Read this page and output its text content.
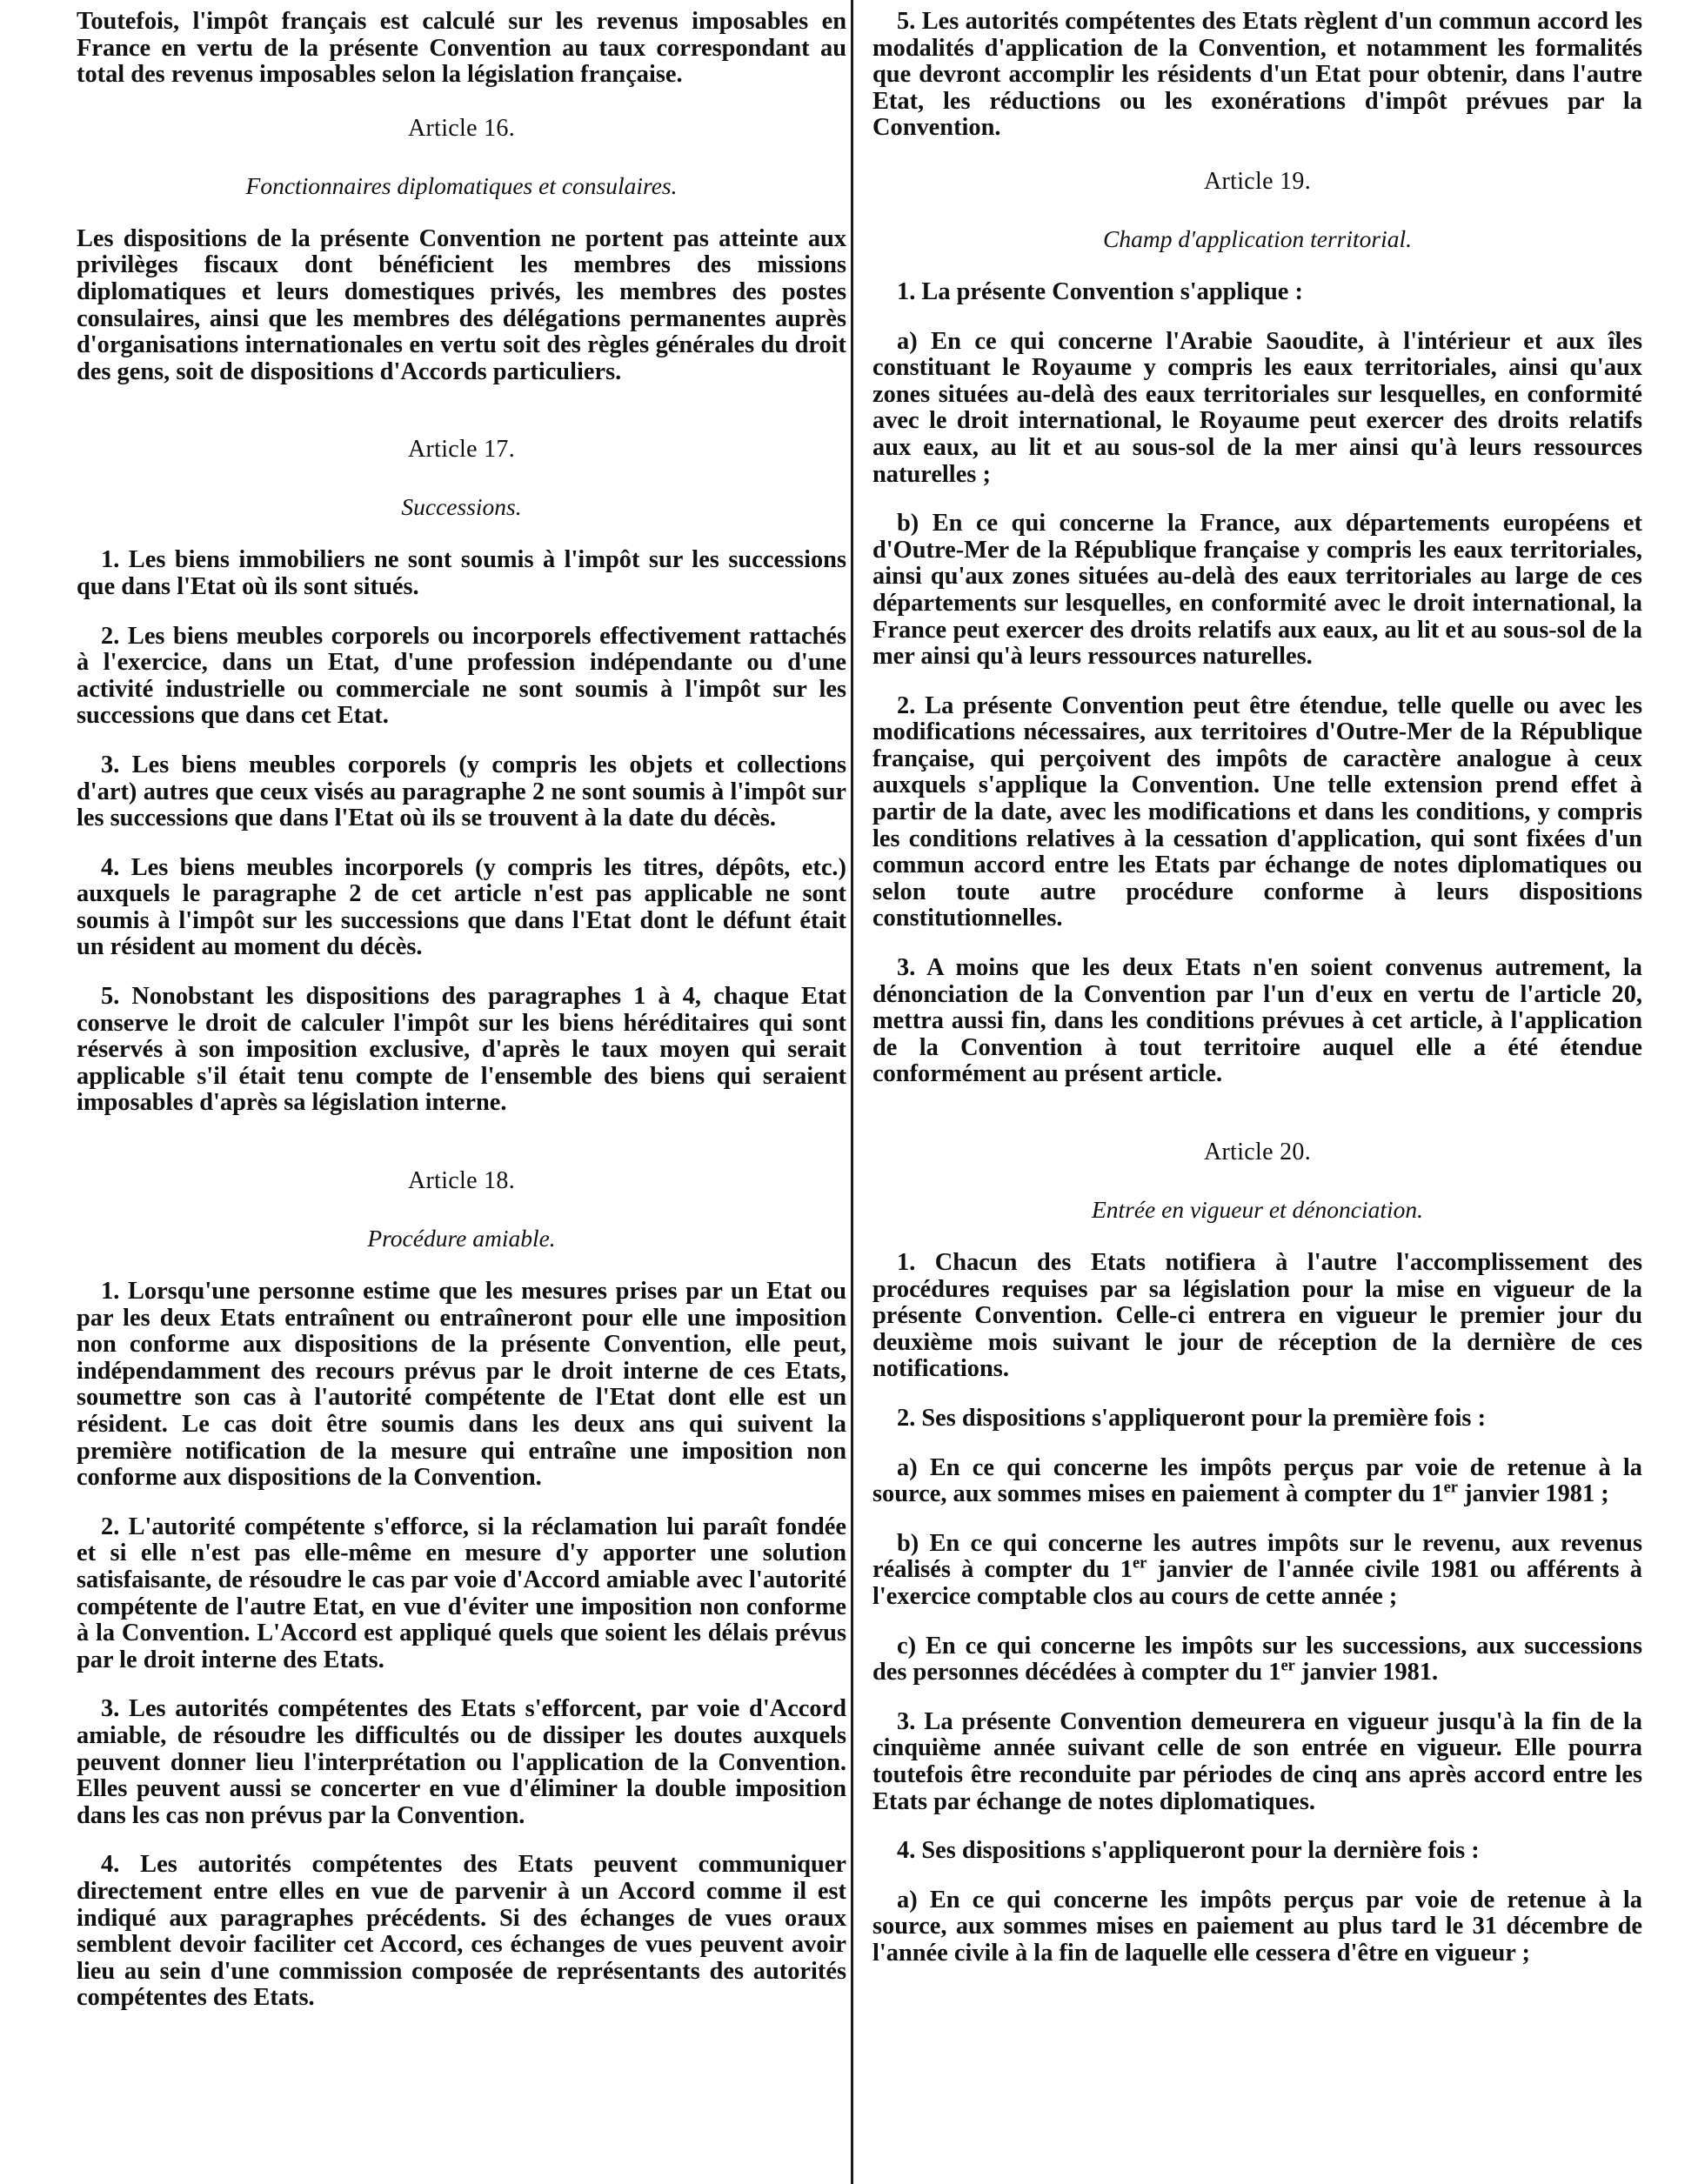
Toutefois, l'impôt français est calculé sur les revenus imposables en France en vertu de la présente Convention au taux correspondant au total des revenus imposables selon la législation française.

Article 16.
Fonctionnaires diplomatiques et consulaires.

Les dispositions de la présente Convention ne portent pas atteinte aux privilèges fiscaux dont bénéficient les membres des missions diplomatiques et leurs domestiques privés, les membres des postes consulaires, ainsi que les membres des délégations permanentes auprès d'organisations internationales en vertu soit des règles générales du droit des gens, soit de dispositions d'Accords particuliers.

Article 17.
Successions.

1. Les biens immobiliers ne sont soumis à l'impôt sur les successions que dans l'Etat où ils sont situés.

2. Les biens meubles corporels ou incorporels effectivement rattachés à l'exercice, dans un Etat, d'une profession indépendante ou d'une activité industrielle ou commerciale ne sont soumis à l'impôt sur les successions que dans cet Etat.

3. Les biens meubles corporels (y compris les objets et collections d'art) autres que ceux visés au paragraphe 2 ne sont soumis à l'impôt sur les successions que dans l'Etat où ils se trouvent à la date du décès.

4. Les biens meubles incorporels (y compris les titres, dépôts, etc.) auxquels le paragraphe 2 de cet article n'est pas applicable ne sont soumis à l'impôt sur les successions que dans l'Etat dont le défunt était un résident au moment du décès.

5. Nonobstant les dispositions des paragraphes 1 à 4, chaque Etat conserve le droit de calculer l'impôt sur les biens héréditaires qui sont réservés à son imposition exclusive, d'après le taux moyen qui serait applicable s'il était tenu compte de l'ensemble des biens qui seraient imposables d'après sa législation interne.

Article 18.
Procédure amiable.

1. Lorsqu'une personne estime que les mesures prises par un Etat ou par les deux Etats entraînent ou entraîneront pour elle une imposition non conforme aux dispositions de la présente Convention, elle peut, indépendamment des recours prévus par le droit interne de ces Etats, soumettre son cas à l'autorité compétente de l'Etat dont elle est un résident. Le cas doit être soumis dans les deux ans qui suivent la première notification de la mesure qui entraîne une imposition non conforme aux dispositions de la Convention.

2. L'autorité compétente s'efforce, si la réclamation lui paraît fondée et si elle n'est pas elle-même en mesure d'y apporter une solution satisfaisante, de résoudre le cas par voie d'Accord amiable avec l'autorité compétente de l'autre Etat, en vue d'éviter une imposition non conforme à la Convention. L'Accord est appliqué quels que soient les délais prévus par le droit interne des Etats.

3. Les autorités compétentes des Etats s'efforcent, par voie d'Accord amiable, de résoudre les difficultés ou de dissiper les doutes auxquels peuvent donner lieu l'interprétation ou l'application de la Convention. Elles peuvent aussi se concerter en vue d'éliminer la double imposition dans les cas non prévus par la Convention.

4. Les autorités compétentes des Etats peuvent communiquer directement entre elles en vue de parvenir à un Accord comme il est indiqué aux paragraphes précédents. Si des échanges de vues oraux semblent devoir faciliter cet Accord, ces échanges de vues peuvent avoir lieu au sein d'une commission composée de représentants des autorités compétentes des Etats.

5. Les autorités compétentes des Etats règlent d'un commun accord les modalités d'application de la Convention, et notamment les formalités que devront accomplir les résidents d'un Etat pour obtenir, dans l'autre Etat, les réductions ou les exonérations d'impôt prévues par la Convention.

Article 19.
Champ d'application territorial.

1. La présente Convention s'applique :

a) En ce qui concerne l'Arabie Saoudite, à l'intérieur et aux îles constituant le Royaume y compris les eaux territoriales, ainsi qu'aux zones situées au-delà des eaux territoriales sur lesquelles, en conformité avec le droit international, le Royaume peut exercer des droits relatifs aux eaux, au lit et au sous-sol de la mer ainsi qu'à leurs ressources naturelles ;

b) En ce qui concerne la France, aux départements européens et d'Outre-Mer de la République française y compris les eaux territoriales, ainsi qu'aux zones situées au-delà des eaux territoriales au large de ces départements sur lesquelles, en conformité avec le droit international, la France peut exercer des droits relatifs aux eaux, au lit et au sous-sol de la mer ainsi qu'à leurs ressources naturelles.

2. La présente Convention peut être étendue, telle quelle ou avec les modifications nécessaires, aux territoires d'Outre-Mer de la République française, qui perçoivent des impôts de caractère analogue à ceux auxquels s'applique la Convention. Une telle extension prend effet à partir de la date, avec les modifications et dans les conditions, y compris les conditions relatives à la cessation d'application, qui sont fixées d'un commun accord entre les Etats par échange de notes diplomatiques ou selon toute autre procédure conforme à leurs dispositions constitutionnelles.

3. A moins que les deux Etats n'en soient convenus autrement, la dénonciation de la Convention par l'un d'eux en vertu de l'article 20, mettra aussi fin, dans les conditions prévues à cet article, à l'application de la Convention à tout territoire auquel elle a été étendue conformément au présent article.

Article 20.
Entrée en vigueur et dénonciation.

1. Chacun des Etats notifiera à l'autre l'accomplissement des procédures requises par sa législation pour la mise en vigueur de la présente Convention. Celle-ci entrera en vigueur le premier jour du deuxième mois suivant le jour de réception de la dernière de ces notifications.

2. Ses dispositions s'appliqueront pour la première fois :

a) En ce qui concerne les impôts perçus par voie de retenue à la source, aux sommes mises en paiement à compter du 1er janvier 1981 ;

b) En ce qui concerne les autres impôts sur le revenu, aux revenus réalisés à compter du 1er janvier de l'année civile 1981 ou afférents à l'exercice comptable clos au cours de cette année ;

c) En ce qui concerne les impôts sur les successions, aux successions des personnes décédées à compter du 1er janvier 1981.

3. La présente Convention demeurera en vigueur jusqu'à la fin de la cinquième année suivant celle de son entrée en vigueur. Elle pourra toutefois être reconduite par périodes de cinq ans après accord entre les Etats par échange de notes diplomatiques.

4. Ses dispositions s'appliqueront pour la dernière fois :

a) En ce qui concerne les impôts perçus par voie de retenue à la source, aux sommes mises en paiement au plus tard le 31 décembre de l'année civile à la fin de laquelle elle cessera d'être en vigueur ;
